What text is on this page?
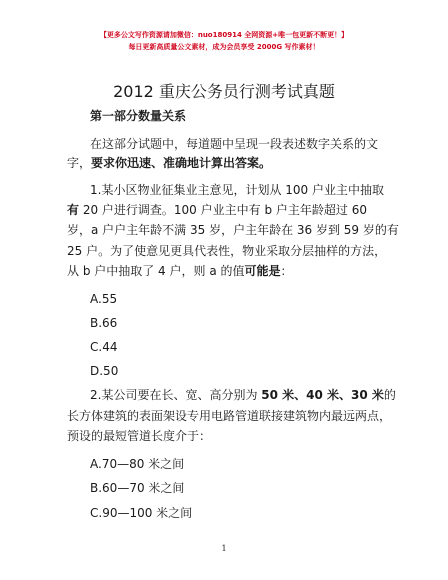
【更多公文写作资源请加微信：nuo180914 全网资源+唯一包更新不断更！】
每日更新高质量公文素材，成为会员享受 2000G 写作素材！
2012 重庆公务员行测考试真题
第一部分数量关系
在这部分试题中，每道题中呈现一段表述数字关系的文
字，要求你迅速、准确地计算出答案。
1.某小区物业征集业主意见，计划从 100 户业主中抽取
有 20 户进行调查。100 户业主中有 b 户主年龄超过 60
岁，a 户户主年龄不满 35 岁，户主年龄在 36 岁到 59 岁的有
25 户。为了使意见更具代表性，物业采取分层抽样的方法，
从 b 户中抽取了 4 户，则 a 的值可能是：
A.55
B.66
C.44
D.50
2.某公司要在长、宽、高分别为 50 米、40 米、30 米的
长方体建筑的表面架设专用电路管道联接建筑物内最远两点，
预设的最短管道长度介于：
A.70—80 米之间
B.60—70 米之间
C.90—100 米之间
1
